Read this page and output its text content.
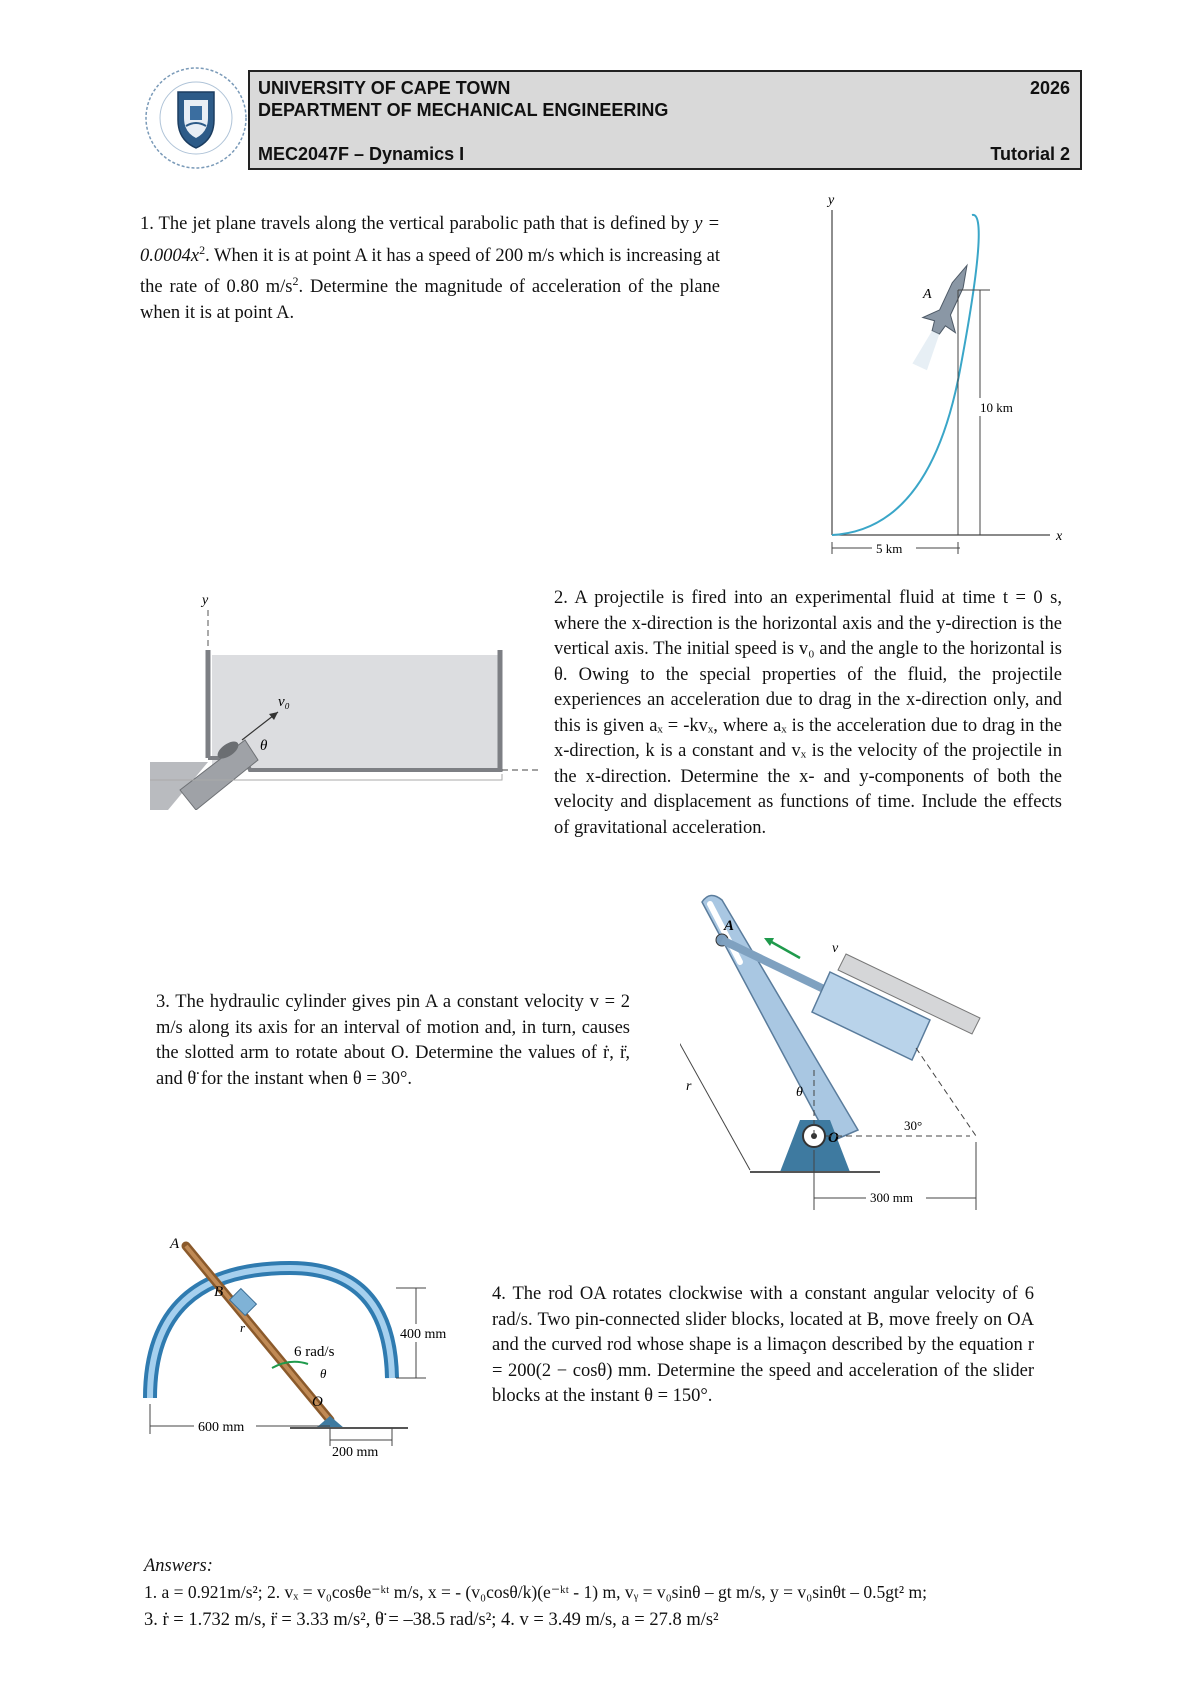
UNIVERSITY OF CAPE TOWN
DEPARTMENT OF MECHANICAL ENGINEERING
MEC2047F – Dynamics I
2026
Tutorial 2
1. The jet plane travels along the vertical parabolic path that is defined by $y = 0.0004x^2$. When it is at point A it has a speed of 200 m/s which is increasing at the rate of 0.80 $m/s^2$. Determine the magnitude of acceleration of the plane when it is at point A.
y
x
A
10 km
5 km
y
v₀
θ
2. A projectile is fired into an experimental fluid at time t = 0 s, where the x-direction is the horizontal axis and the y-direction is the vertical axis. The initial speed is v₀ and the angle to the horizontal is θ. Owing to the special properties of the fluid, the projectile experiences an acceleration due to drag in the x-direction only, and this is given aₓ = -kvₓ, where aₓ is the acceleration due to drag in the x-direction, k is a constant and vₓ is the velocity of the projectile in the x-direction. Determine the x- and y-components of both the velocity and displacement as functions of time. Include the effects of gravitational acceleration.
3. The hydraulic cylinder gives pin A a constant velocity v = 2 m/s along its axis for an interval of motion and, in turn, causes the slotted arm to rotate about O. Determine the values of ṙ, r̈, and θ̈ for the instant when θ = 30°.
A
v
θ
O
30°
r
300 mm
A
B
r
6 rad/s
θ
O
400 mm
600 mm
200 mm
4. The rod OA rotates clockwise with a constant angular velocity of 6 rad/s. Two pin-connected slider blocks, located at B, move freely on OA and the curved rod whose shape is a limaçon described by the equation r = 200(2 − cosθ) mm. Determine the speed and acceleration of the slider blocks at the instant θ = 150°.
Answers:
1. a = 0.921m/s²; 2. vₓ = v₀cosθe⁻ᵏᵗ m/s, x = - (v₀cosθ/k)(e⁻ᵏᵗ - 1) m, vᵧ = v₀sinθ – gt m/s, y = v₀sinθt – 0.5gt² m;
3. ṙ = 1.732 m/s, r̈ = 3.33 m/s², θ̈ = –38.5 rad/s²; 4. v = 3.49 m/s, a = 27.8 m/s²
